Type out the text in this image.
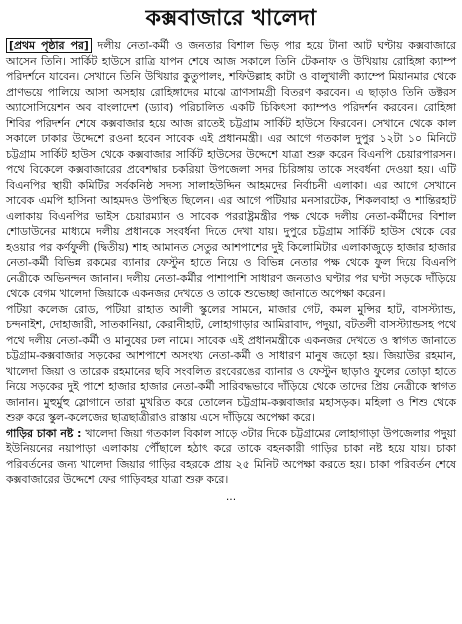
কক্সবাজারে খালেদা

[প্রথম পৃষ্ঠার পর] দলীয় নেতা-কর্মী ও জনতার বিশাল ভিড় পার হয়ে টানা আট ঘণ্টায় কক্সবাজারে আসেন তিনি। সার্কিট হাউসে রাত্রি যাপন শেষে আজ সকালে তিনি টেকনাফ ও উখিয়ায় রোহিঙ্গা ক্যাম্প পরিদর্শনে যাবেন। সেখানে তিনি উখিয়ার কুতুপালং, শফিউল্লাহ কাটা ও বালুখালী ক্যাম্পে মিয়ানমার থেকে প্রাণভয়ে পালিয়ে আসা অসহায় রোহিঙ্গাদের মাঝে ত্রাণসামগ্রী বিতরণ করবেন। এ ছাড়াও তিনি ডক্টরস অ্যাসোসিয়েশন অব বাংলাদেশ (ড্যাব) পরিচালিত একটি চিকিৎসা ক্যাম্পও পরিদর্শন করবেন। রোহিঙ্গা শিবির পরিদর্শন শেষে কক্সবাজার হয়ে আজ রাতেই চট্টগ্রাম সার্কিট হাউসে ফিরবেন। সেখানে থেকে কাল সকালে ঢাকার উদ্দেশে রওনা হবেন সাবেক এই প্রধানমন্ত্রী। এর আগে গতকাল দুপুর ১২টা ১০ মিনিটে চট্টগ্রাম সার্কিট হাউস থেকে কক্সবাজার সার্কিট হাউসের উদ্দেশে যাত্রা শুরু করেন বিএনপি চেয়ারপারসন। পথে বিকেলে কক্সবাজারের প্রবেশদ্বার চকরিয়া উপজেলা সদর চিরিঙ্গায় তাকে সংবর্ধনা দেওয়া হয়। এটি বিএনপির স্থায়ী কমিটির সর্বকনিষ্ঠ সদস্য সালাহউদ্দিন আহমদের নির্বাচনী এলাকা। এর আগে সেখানে সাবেক এমপি হাসিনা আহমদও উপস্থিত ছিলেন। এর আগে পটিয়ার মনসারটেক, শিকলবাহা ও শান্তিরহাট এলাকায় বিএনপির ভাইস চেয়ারম্যান ও সাবেক পররাষ্ট্রমন্ত্রীর পক্ষ থেকে দলীয় নেতা-কর্মীদের বিশাল শোডাউনের মাধ্যমে দলীয় প্রধানকে সংবর্ধনা দিতে দেখা যায়। দুপুরে চট্টগ্রাম সার্কিট হাউস থেকে বের হওয়ার পর কর্ণফুলী (দ্বিতীয়) শাহ আমানত সেতুর আশপাশের দুই কিলোমিটার এলাকাজুড়ে হাজার হাজার নেতা-কর্মী বিভিন্ন রকমের ব্যানার ফেস্টুন হাতে নিয়ে ও বিভিন্ন নেতার পক্ষ থেকে ফুল দিয়ে বিএনপি নেত্রীকে অভিনন্দন জানান। দলীয় নেতা-কর্মীর পাশাপাশি সাধারণ জনতাও ঘণ্টার পর ঘণ্টা সড়কে দাঁড়িয়ে থেকে বেগম খালেদা জিয়াকে একনজর দেখতে ও তাকে শুভেচ্ছা জানাতে অপেক্ষা করেন।

পটিয়া কলেজ রোড, পটিয়া রাহাত আলী স্কুলের সামনে, মাজার গেট, কমল মুন্সির হাট, বাসস্ট্যান্ড, চন্দনাইশ, দোহাজারী, সাতকানিয়া, কেরানীহাট, লোহাগাড়ার আমিরাবাদ, পদুয়া, বটতলী বাসস্ট্যান্ডসহ পথে পথে দলীয় নেতা-কর্মী ও মানুষের ঢল নামে। সাবেক এই প্রধানমন্ত্রীকে একনজর দেখতে ও স্বাগত জানাতে চট্টগ্রাম-কক্সবাজার সড়কের আশপাশে অসংখ্য নেতা-কর্মী ও সাধারণ মানুষ জড়ো হয়। জিয়াউর রহমান, খালেদা জিয়া ও তারেক রহমানের ছবি সংবলিত রংবেরঙের ব্যানার ও ফেস্টুন ছাড়াও ফুলের তোড়া হাতে নিয়ে সড়কের দুই পাশে হাজার হাজার নেতা-কর্মী সারিবদ্ধভাবে দাঁড়িয়ে থেকে তাদের প্রিয় নেত্রীকে স্বাগত জানান। মুহুর্মুহু স্লোগানে তারা মুখরিত করে তোলেন চট্টগ্রাম-কক্সবাজার মহাসড়ক। মহিলা ও শিশু থেকে শুরু করে স্কুল-কলেজের ছাত্রছাত্রীরাও রাস্তায় এসে দাঁড়িয়ে অপেক্ষা করে।

গাড়ির চাকা নষ্ট : খালেদা জিয়া গতকাল বিকাল সাড়ে ৩টার দিকে চট্টগ্রামের লোহাগাড়া উপজেলার পদুয়া ইউনিয়নের নয়াপাড়া এলাকায় পৌঁছালে হঠাৎ করে তাকে বহনকারী গাড়ির চাকা নষ্ট হয়ে যায়। চাকা পরিবর্তনের জন্য খালেদা জিয়ার গাড়ির বহরকে প্রায় ২৫ মিনিট অপেক্ষা করতে হয়। চাকা পরিবর্তন শেষে কক্সবাজারের উদ্দেশে ফের গাড়িবহর যাত্রা শুরু করে।

...
